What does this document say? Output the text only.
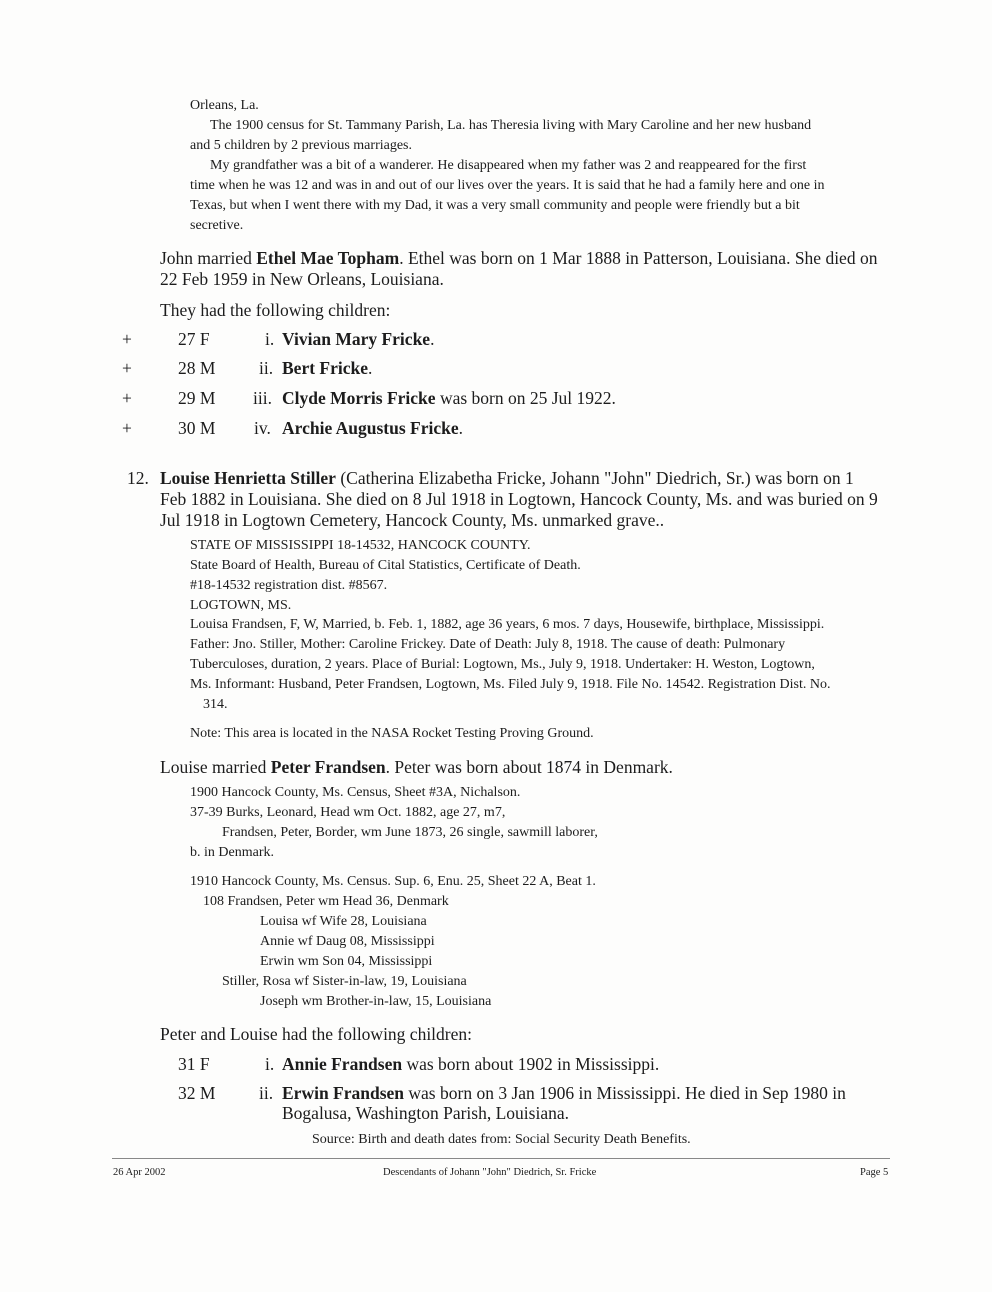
Orleans, La.
The 1900 census for St. Tammany Parish, La. has Theresia living with Mary Caroline and her new husband
and 5 children by 2 previous marriages.
My grandfather was a bit of a wanderer. He disappeared when my father was 2 and reappeared for the first
time when he was 12 and was in and out of our lives over the years. It is said that he had a family here and one in
Texas, but when I went there with my Dad, it was a very small community and people were friendly but a bit
secretive.
John married Ethel Mae Topham. Ethel was born on 1 Mar 1888 in Patterson, Louisiana. She died on
22 Feb 1959 in New Orleans, Louisiana.
They had the following children:
+	27 F	i. Vivian Mary Fricke.
+	28 M ii. Bert Fricke.
+	29 M iii. Clyde Morris Fricke was born on 25 Jul 1922.
+	30 M iv. Archie Augustus Fricke.
12. Louise Henrietta Stiller (Catherina Elizabetha Fricke, Johann "John" Diedrich, Sr.) was born on 1
Feb 1882 in Louisiana. She died on 8 Jul 1918 in Logtown, Hancock County, Ms. and was buried on 9
Jul 1918 in Logtown Cemetery, Hancock County, Ms. unmarked grave..
STATE OF MISSISSIPPI 18-14532, HANCOCK COUNTY.
State Board of Health, Bureau of Cital Statistics, Certificate of Death.
#18-14532 registration dist. #8567.
LOGTOWN, MS.
Louisa Frandsen, F, W, Married, b. Feb. 1, 1882, age 36 years, 6 mos. 7 days, Housewife, birthplace, Mississippi.
Father: Jno. Stiller, Mother: Caroline Frickey. Date of Death: July 8, 1918. The cause of death: Pulmonary
Tuberculoses, duration, 2 years. Place of Burial: Logtown, Ms., July 9, 1918. Undertaker: H. Weston, Logtown,
Ms. Informant: Husband, Peter Frandsen, Logtown, Ms. Filed July 9, 1918. File No. 14542. Registration Dist. No.
314.
Note: This area is located in the NASA Rocket Testing Proving Ground.
Louise married Peter Frandsen. Peter was born about 1874 in Denmark.
1900 Hancock County, Ms. Census, Sheet #3A, Nichalson.
37-39 Burks, Leonard, Head wm Oct. 1882, age 27, m7,
Frandsen, Peter, Border, wm June 1873, 26 single, sawmill laborer,
b. in Denmark.
1910 Hancock County, Ms. Census. Sup. 6, Enu. 25, Sheet 22 A, Beat 1.
108 Frandsen, Peter wm Head 36, Denmark
Louisa wf Wife 28, Louisiana
Annie wf Daug 08, Mississippi
Erwin wm Son 04, Mississippi
Stiller, Rosa wf Sister-in-law, 19, Louisiana
Joseph wm Brother-in-law, 15, Louisiana
Peter and Louise had the following children:
31 F	i. Annie Frandsen was born about 1902 in Mississippi.
32 M ii. Erwin Frandsen was born on 3 Jan 1906 in Mississippi. He died in Sep 1980 in
Bogalusa, Washington Parish, Louisiana.
Source: Birth and death dates from: Social Security Death Benefits.
26 Apr 2002	Descendants of Johann "John" Diedrich, Sr. Fricke	Page 5
